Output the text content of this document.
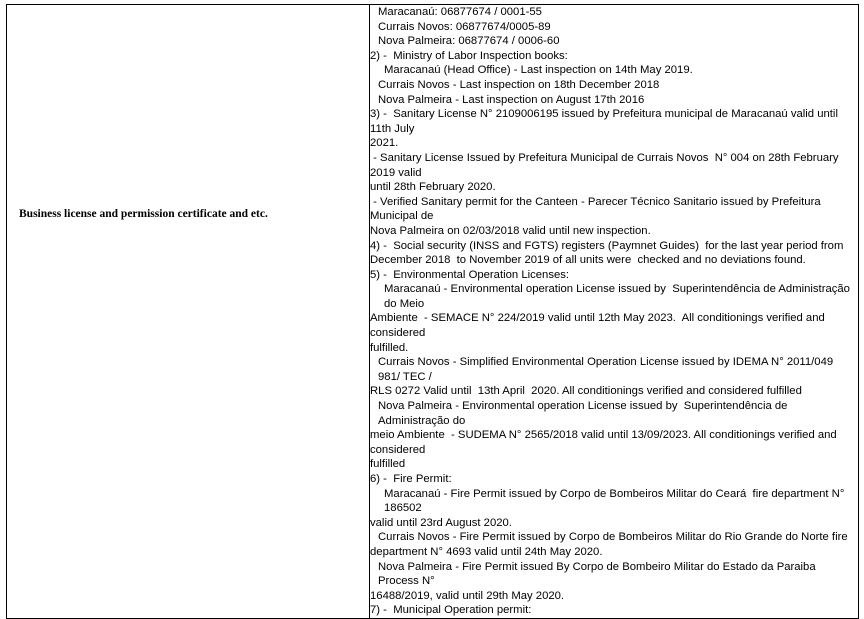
Business license and permission certificate and etc.

Maracanaú: 06877674 / 0001-55

Currais Novos: 06877674/0005-89

Nova Palmeira: 06877674 / 0006-60

2) -  Ministry of Labor Inspection books:

Maracanaú (Head Office) - Last inspection on 14th May 2019.

Currais Novos - Last inspection on 18th December 2018

Nova Palmeira - Last inspection on August 17th 2016

3) -  Sanitary License N° 2109006195 issued by Prefeitura municipal de Maracanaú valid until 11th July

2021.

- Sanitary License Issued by Prefeitura Municipal de Currais Novos  N° 004 on 28th February 2019 valid

until 28th February 2020.

- Verified Sanitary permit for the Canteen - Parecer Técnico Sanitario issued by Prefeitura Municipal de

Nova Palmeira on 02/03/2018 valid until new inspection.

4) -  Social security (INSS and FGTS) registers (Paymnet Guides)  for the last year period from

December 2018  to November 2019 of all units were  checked and no deviations found.

5) -  Environmental Operation Licenses:

Maracanaú - Environmental operation License issued by  Superintendência de Administração do Meio

Ambiente  - SEMACE N° 224/2019 valid until 12th May 2023.  All conditionings verified and considered

fulfilled.

Currais Novos - Simplified Environmental Operation License issued by IDEMA N° 2011/049 981/ TEC /

RLS 0272 Valid until  13th April  2020. All conditionings verified and considered fulfilled

Nova Palmeira - Environmental operation License issued by  Superintendência de Administração do

meio Ambiente  - SUDEMA N° 2565/2018 valid until 13/09/2023. All conditionings verified and considered

fulfilled

6) -  Fire Permit:

Maracanaú - Fire Permit issued by Corpo de Bombeiros Militar do Ceará  fire department N° 186502

valid until 23rd August 2020.

Currais Novos - Fire Permit issued by Corpo de Bombeiros Militar do Rio Grande do Norte fire

department N° 4693 valid until 24th May 2020.

Nova Palmeira - Fire Permit issued By Corpo de Bombeiro Militar do Estado da Paraiba Process N°

16488/2019, valid until 29th May 2020.

7) -  Municipal Operation permit:
